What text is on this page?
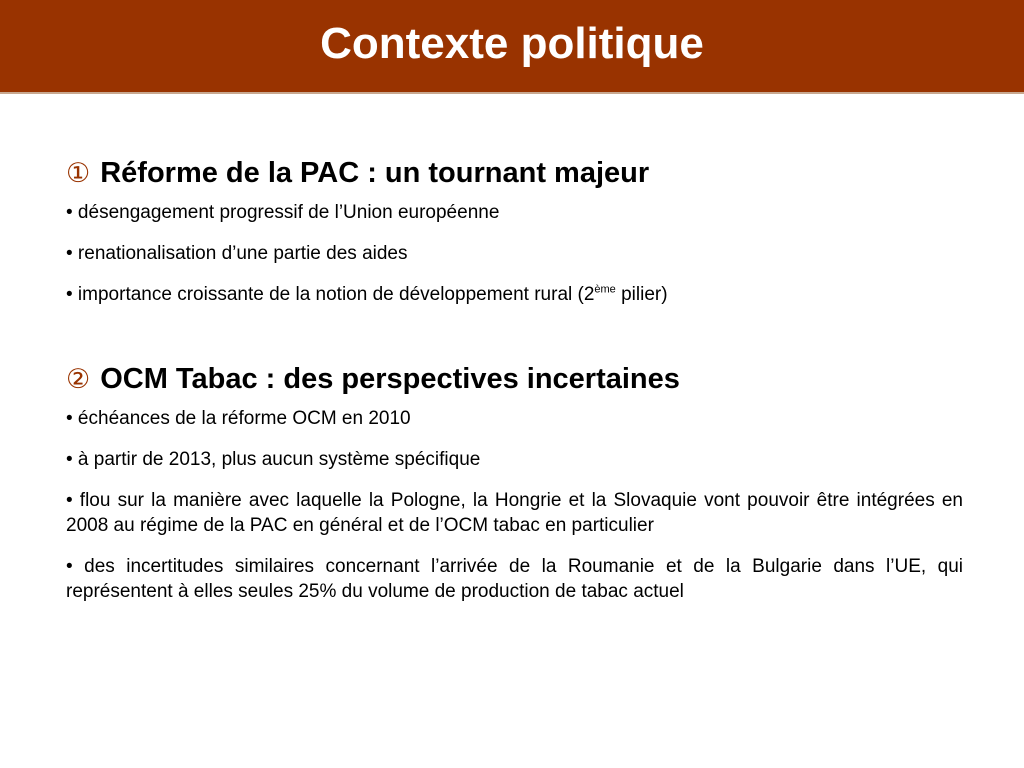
Contexte politique

① Réforme de la PAC : un tournant majeur

• désengagement progressif de l’Union européenne

• renationalisation d’une partie des aides

• importance croissante de la notion de développement rural (2ème pilier)

② OCM Tabac : des perspectives incertaines

• échéances de la réforme OCM en 2010

• à partir de 2013, plus aucun système spécifique

• flou sur la manière avec laquelle la Pologne, la Hongrie et la Slovaquie vont pouvoir être intégrées en 2008 au régime de la PAC en général et de l’OCM tabac en particulier

• des incertitudes similaires concernant l’arrivée de la Roumanie et de la Bulgarie dans l’UE, qui représentent à elles seules 25% du volume de production de tabac actuel
